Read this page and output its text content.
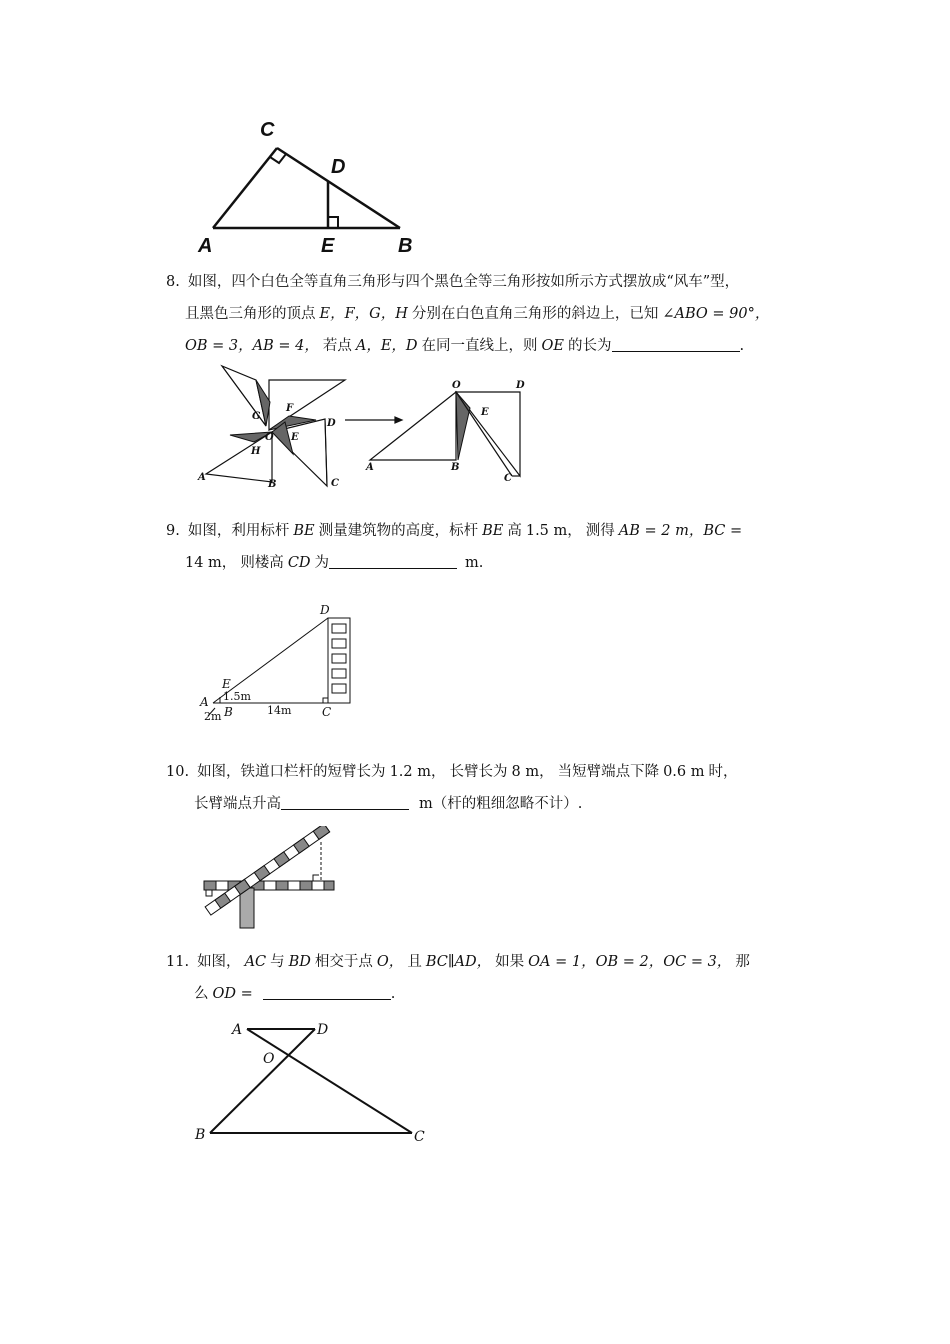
C
D
A	E	B
8. 如图，四个白色全等直角三角形与四个黑色全等三角形按如所示方式摆放成“风车”型，
且黑色三角形的顶点 E，F，G，H 分别在白色直角三角形的斜边上，已知 ∠ABO = 90°，
OB = 3，AB = 4， 若点 A，E，D 在同一直线上，则 OE 的长为	.
G
F
O E
D
H
A
B	C
O	D
E
A	B
C
9. 如图，利用标杆 BE 测量建筑物的高度，标杆 BE 高 1.5 m， 测得 AB = 2 m，BC =
14 m， 则楼高 CD 为	m.
D
E
A 1.5m
B
2m	14m	C
10. 如图，铁道口栏杆的短臂长为 1.2 m， 长臂长为 8 m， 当短臂端点下降 0.6 m 时，
长臂端点升高	m（杆的粗细忽略不计）.
11. 如图， AC 与 BD 相交于点 O， 且 BC∥AD， 如果 OA = 1，OB = 2，OC = 3， 那
么 OD =	.
A	D
O
B	C
